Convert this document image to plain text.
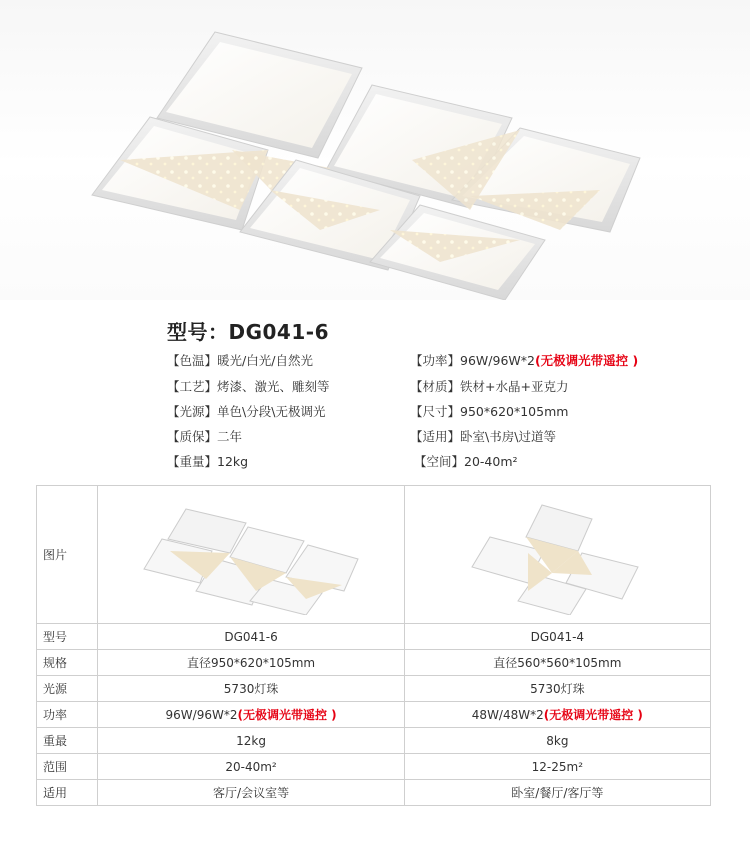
型号：DG041-6
【色温】暖光/白光/自然光
【工艺】烤漆、激光、雕刻等
【光源】单色\分段\无极调光
【质保】二年
【重量】12kg
【功率】96W/96W*2(无极调光带遥控 )
【材质】铁材+水晶+亚克力
【尺寸】950*620*105mm
【适用】卧室\书房\过道等
【空间】20-40m²
图片	

型号	DG041-6	DG041-4
规格	直径950*620*105mm	直径560*560*105mm
光源	5730灯珠	5730灯珠
功率	96W/96W*2(无极调光带遥控 )	48W/48W*2(无极调光带遥控 )
重最	12kg	8kg
范围	20-40m²	12-25m²
适用	客厅/会议室等	卧室/餐厅/客厅等
